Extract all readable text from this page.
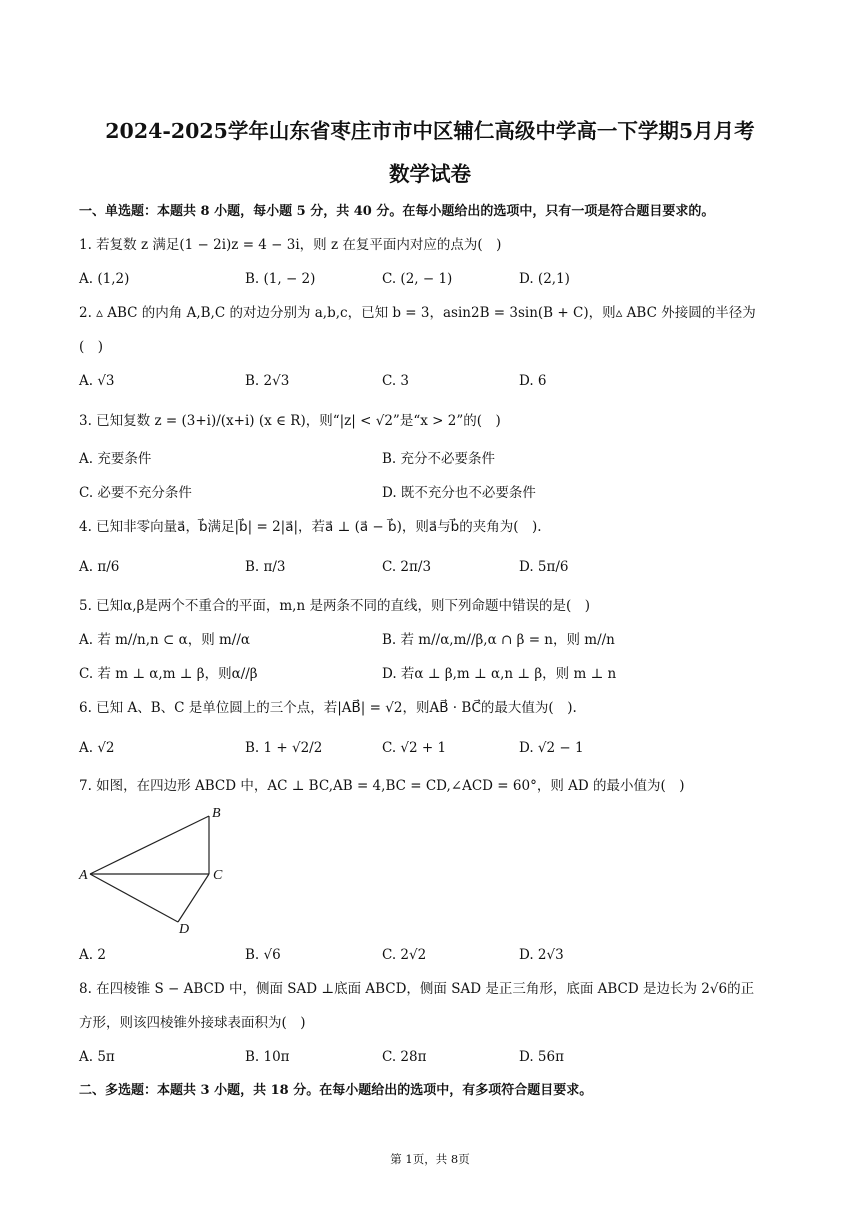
2024-2025学年山东省枣庄市市中区辅仁高级中学高一下学期5月月考
数学试卷
一、单选题：本题共 8 小题，每小题 5 分，共 40 分。在每小题给出的选项中，只有一项是符合题目要求的。
1. 若复数 z 满足(1 − 2i)z = 4 − 3i，则 z 在复平面内对应的点为(　)
A. (1,2)	B. (1, − 2)	C. (2, − 1)	D. (2,1)
2. ▵ ABC 的内角 A,B,C 的对边分别为 a,b,c，已知 b = 3，asin2B = 3sin(B + C)，则▵ ABC 外接圆的半径为
(　)
A. √3	B. 2√3	C. 3	D. 6
3. 已知复数 z = (3+i)/(x+i) (x ∈ R)，则“|z| < √2”是“x > 2”的(　)
A. 充要条件	B. 充分不必要条件
C. 必要不充分条件	D. 既不充分也不必要条件
4. 已知非零向量a⃗，b⃗满足|b⃗| = 2|a⃗|，若a⃗ ⊥ (a⃗ − b⃗)，则a⃗与b⃗的夹角为(　).
A. π/6	B. π/3	C. 2π/3	D. 5π/6
5. 已知α,β是两个不重合的平面，m,n 是两条不同的直线，则下列命题中错误的是(　)
A. 若 m//n,n ⊂ α，则 m//α	B. 若 m//α,m//β,α ∩ β = n，则 m//n
C. 若 m ⊥ α,m ⊥ β，则α//β	D. 若α ⊥ β,m ⊥ α,n ⊥ β，则 m ⊥ n
6. 已知 A、B、C 是单位圆上的三个点，若|AB⃗| = √2，则AB⃗ · BC⃗的最大值为(　).
A. √2	B. 1 + √2/2	C. √2 + 1	D. √2 − 1
7. 如图，在四边形 ABCD 中，AC ⊥ BC,AB = 4,BC = CD,∠ACD = 60°，则 AD 的最小值为(　)
A
B
C
D
A. 2	B. √6	C. 2√2	D. 2√3
8. 在四棱锥 S − ABCD 中，侧面 SAD ⊥底面 ABCD，侧面 SAD 是正三角形，底面 ABCD 是边长为 2√6的正
方形，则该四棱锥外接球表面积为(　)
A. 5π	B. 10π	C. 28π	D. 56π
二、多选题：本题共 3 小题，共 18 分。在每小题给出的选项中，有多项符合题目要求。
第 1页，共 8页
